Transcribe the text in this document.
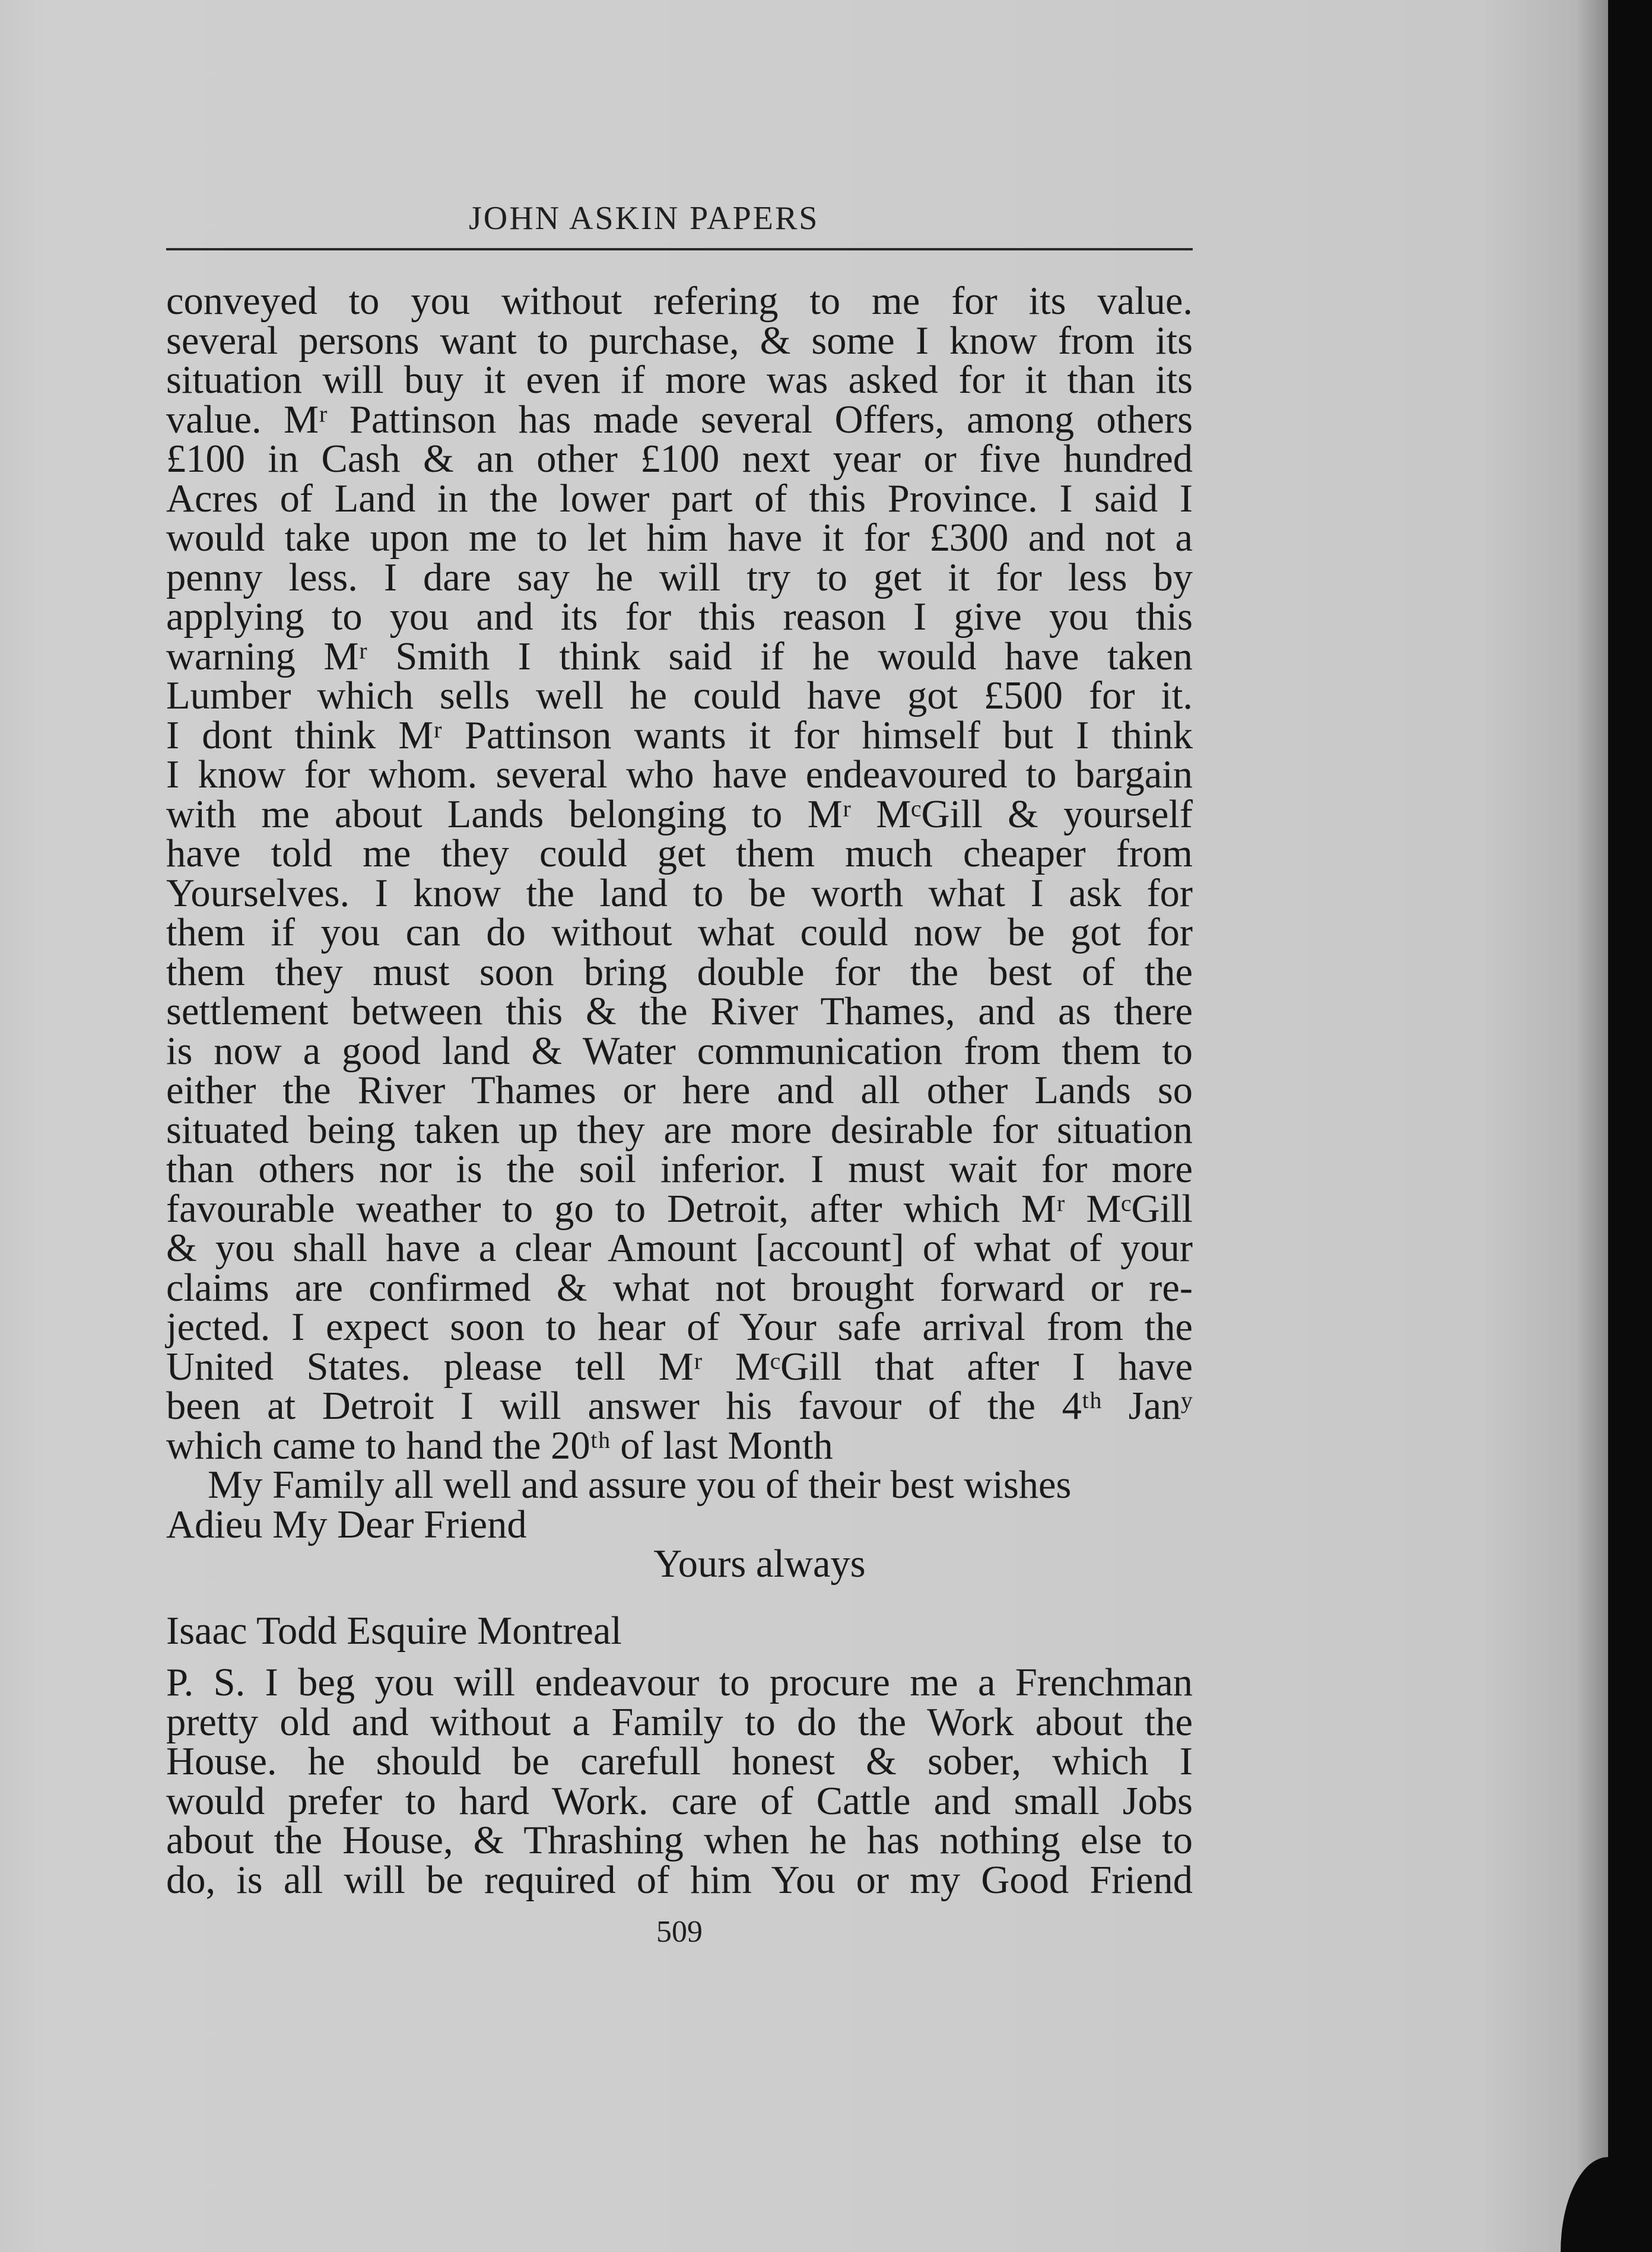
JOHN ASKIN PAPERS
conveyed to you without refering to me for its value.
several persons want to purchase, & some I know from its
situation will buy it even if more was asked for it than its
value. Mʳ Pattinson has made several Offers, among others
£100 in Cash & an other £100 next year or five hundred
Acres of Land in the lower part of this Province. I said I
would take upon me to let him have it for £300 and not a
penny less. I dare say he will try to get it for less by
applying to you and its for this reason I give you this
warning Mʳ Smith I think said if he would have taken
Lumber which sells well he could have got £500 for it.
I dont think Mʳ Pattinson wants it for himself but I think
I know for whom. several who have endeavoured to bargain
with me about Lands belonging to Mʳ MᶜGill & yourself
have told me they could get them much cheaper from
Yourselves. I know the land to be worth what I ask for
them if you can do without what could now be got for
them they must soon bring double for the best of the
settlement between this & the River Thames, and as there
is now a good land & Water communication from them to
either the River Thames or here and all other Lands so
situated being taken up they are more desirable for situation
than others nor is the soil inferior. I must wait for more
favourable weather to go to Detroit, after which Mʳ MᶜGill
& you shall have a clear Amount [account] of what of your
claims are confirmed & what not brought forward or re-
jected. I expect soon to hear of Your safe arrival from the
United States. please tell Mʳ MᶜGill that after I have
been at Detroit I will answer his favour of the 4ᵗʰ Janʸ
which came to hand the 20ᵗʰ of last Month
My Family all well and assure you of their best wishes
Adieu My Dear Friend
Yours always
Isaac Todd Esquire Montreal
P. S. I beg you will endeavour to procure me a Frenchman
pretty old and without a Family to do the Work about the
House. he should be carefull honest & sober, which I
would prefer to hard Work. care of Cattle and small Jobs
about the House, & Thrashing when he has nothing else to
do, is all will be required of him You or my Good Friend

509
